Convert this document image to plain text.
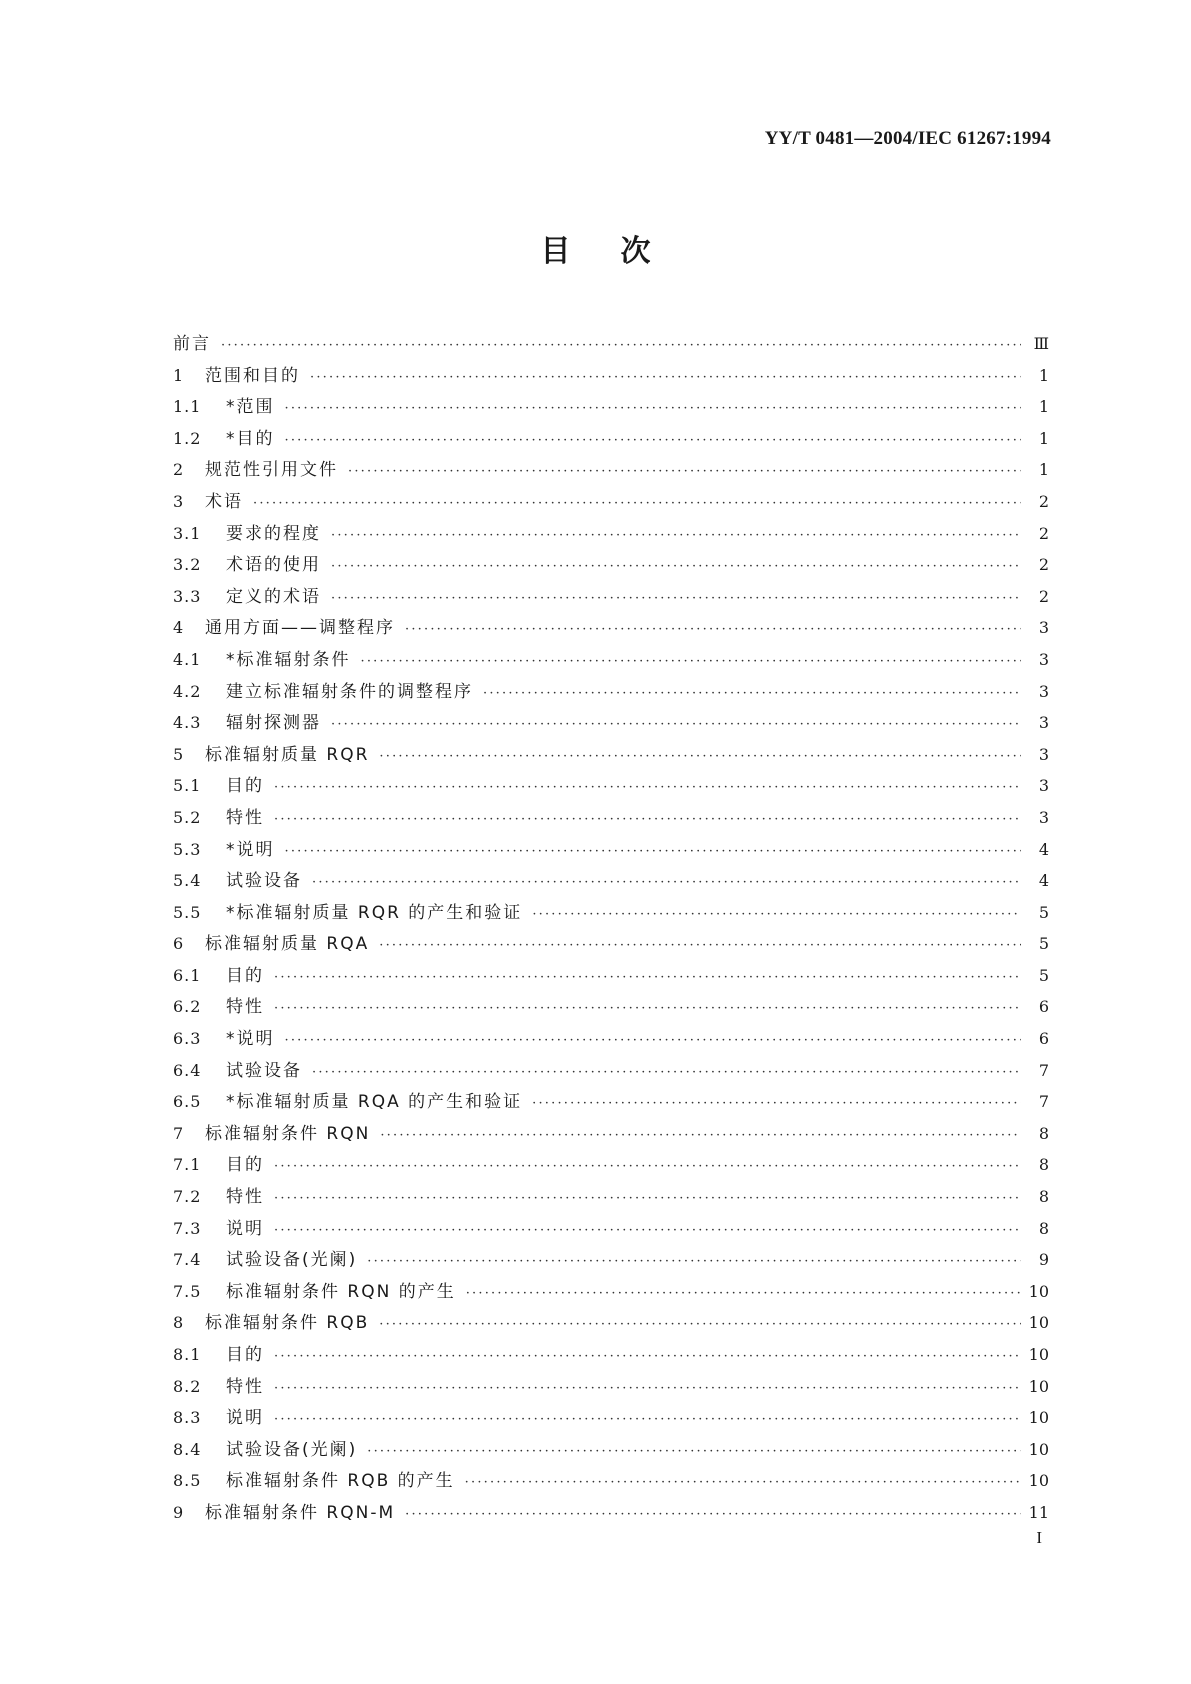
YY/T 0481—2004/IEC 61267:1994
目次
前言 ·····	Ⅲ
1	范围和目的 ·····	1
1.1	*范围 ·····	1
1.2	*目的 ·····	1
2	规范性引用文件 ·····	1
3	术语 ·····	2
3.1	要求的程度 ·····	2
3.2	术语的使用 ·····	2
3.3	定义的术语 ·····	2
4	通用方面——调整程序 ·····	3
4.1	*标准辐射条件 ·····	3
4.2	建立标准辐射条件的调整程序 ·····	3
4.3	辐射探测器 ·····	3
5	标准辐射质量 RQR ·····	3
5.1	目的 ·····	3
5.2	特性 ·····	3
5.3	*说明 ·····	4
5.4	试验设备 ·····	4
5.5	*标准辐射质量 RQR 的产生和验证 ·····	5
6	标准辐射质量 RQA ·····	5
6.1	目的 ·····	5
6.2	特性 ·····	6
6.3	*说明 ·····	6
6.4	试验设备 ·····	7
6.5	*标准辐射质量 RQA 的产生和验证 ·····	7
7	标准辐射条件 RQN ·····	8
7.1	目的 ·····	8
7.2	特性 ·····	8
7.3	说明 ·····	8
7.4	试验设备(光阑) ·····	9
7.5	标准辐射条件 RQN 的产生 ·····	10
8	标准辐射条件 RQB ·····	10
8.1	目的 ·····	10
8.2	特性 ·····	10
8.3	说明 ·····	10
8.4	试验设备(光阑) ·····	10
8.5	标准辐射条件 RQB 的产生 ·····	10
9	标准辐射条件 RQN-M ·····	11
I
